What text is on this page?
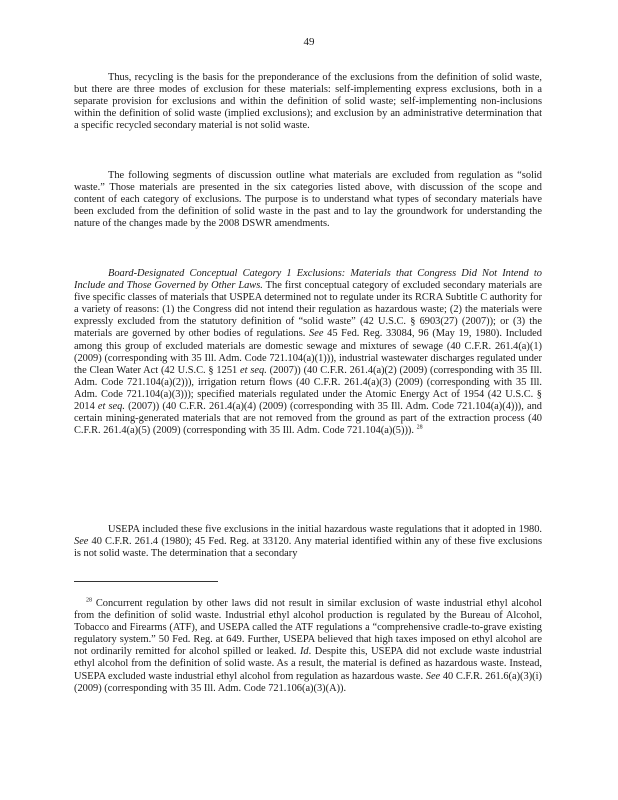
49

Thus, recycling is the basis for the preponderance of the exclusions from the definition of solid waste, but there are three modes of exclusion for these materials: self-implementing express exclusions, both in a separate provision for exclusions and within the definition of solid waste; self-implementing non-inclusions within the definition of solid waste (implied exclusions); and exclusion by an administrative determination that a specific recycled secondary material is not solid waste.

The following segments of discussion outline what materials are excluded from regulation as “solid waste.” Those materials are presented in the six categories listed above, with discussion of the scope and content of each category of exclusions. The purpose is to understand what types of secondary materials have been excluded from the definition of solid waste in the past and to lay the groundwork for understanding the nature of the changes made by the 2008 DSWR amendments.

Board-Designated Conceptual Category 1 Exclusions: Materials that Congress Did Not Intend to Include and Those Governed by Other Laws. The first conceptual category of excluded secondary materials are five specific classes of materials that USPEA determined not to regulate under its RCRA Subtitle C authority for a variety of reasons: (1) the Congress did not intend their regulation as hazardous waste; (2) the materials were expressly excluded from the statutory definition of “solid waste” (42 U.S.C. § 6903(27) (2007)); or (3) the materials are governed by other bodies of regulations. See 45 Fed. Reg. 33084, 96 (May 19, 1980). Included among this group of excluded materials are domestic sewage and mixtures of sewage (40 C.F.R. 261.4(a)(1) (2009) (corresponding with 35 Ill. Adm. Code 721.104(a)(1))), industrial wastewater discharges regulated under the Clean Water Act (42 U.S.C. § 1251 et seq. (2007)) (40 C.F.R. 261.4(a)(2) (2009) (corresponding with 35 Ill. Adm. Code 721.104(a)(2))), irrigation return flows (40 C.F.R. 261.4(a)(3) (2009) (corresponding with 35 Ill. Adm. Code 721.104(a)(3))); specified materials regulated under the Atomic Energy Act of 1954 (42 U.S.C. § 2014 et seq. (2007)) (40 C.F.R. 261.4(a)(4) (2009) (corresponding with 35 Ill. Adm. Code 721.104(a)(4))), and certain mining-generated materials that are not removed from the ground as part of the extraction process (40 C.F.R. 261.4(a)(5) (2009) (corresponding with 35 Ill. Adm. Code 721.104(a)(5))). $^{28}$

USEPA included these five exclusions in the initial hazardous waste regulations that it adopted in 1980. See 40 C.F.R. 261.4 (1980); 45 Fed. Reg. at 33120. Any material identified within any of these five exclusions is not solid waste. The determination that a secondary

$^{28}$ Concurrent regulation by other laws did not result in similar exclusion of waste industrial ethyl alcohol from the definition of solid waste. Industrial ethyl alcohol production is regulated by the Bureau of Alcohol, Tobacco and Firearms (ATF), and USEPA called the ATF regulations a “comprehensive cradle-to-grave existing regulatory system.” 50 Fed. Reg. at 649. Further, USEPA believed that high taxes imposed on ethyl alcohol are not ordinarily remitted for alcohol spilled or leaked. Id. Despite this, USEPA did not exclude waste industrial ethyl alcohol from the definition of solid waste. As a result, the material is defined as hazardous waste. Instead, USEPA excluded waste industrial ethyl alcohol from regulation as hazardous waste. See 40 C.F.R. 261.6(a)(3)(i) (2009) (corresponding with 35 Ill. Adm. Code 721.106(a)(3)(A)).
